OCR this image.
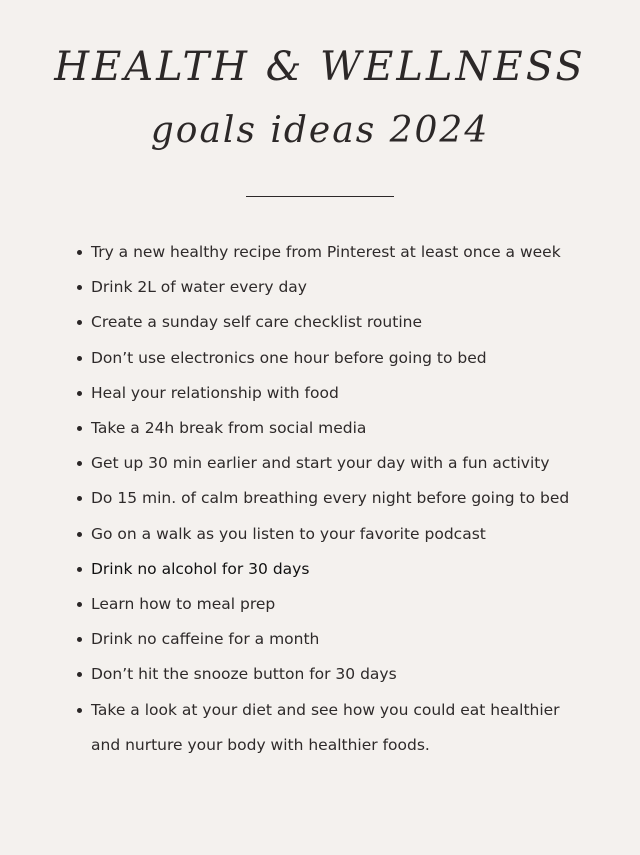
HEALTH & WELLNESS
goals ideas 2024
Try a new healthy recipe from Pinterest at least once a week
Drink 2L of water every day
Create a sunday self care checklist routine
Don’t use electronics one hour before going to bed
Heal your relationship with food
Take a 24h break from social media
Get up 30 min earlier and start your day with a fun activity
Do 15 min. of calm breathing every night before going to bed
Go on a walk as you listen to your favorite podcast
Drink no alcohol for 30 days
Learn how to meal prep
Drink no caffeine for a month
Don’t hit the snooze button for 30 days
Take a look at your diet and see how you could eat healthier
and nurture your body with healthier foods.
